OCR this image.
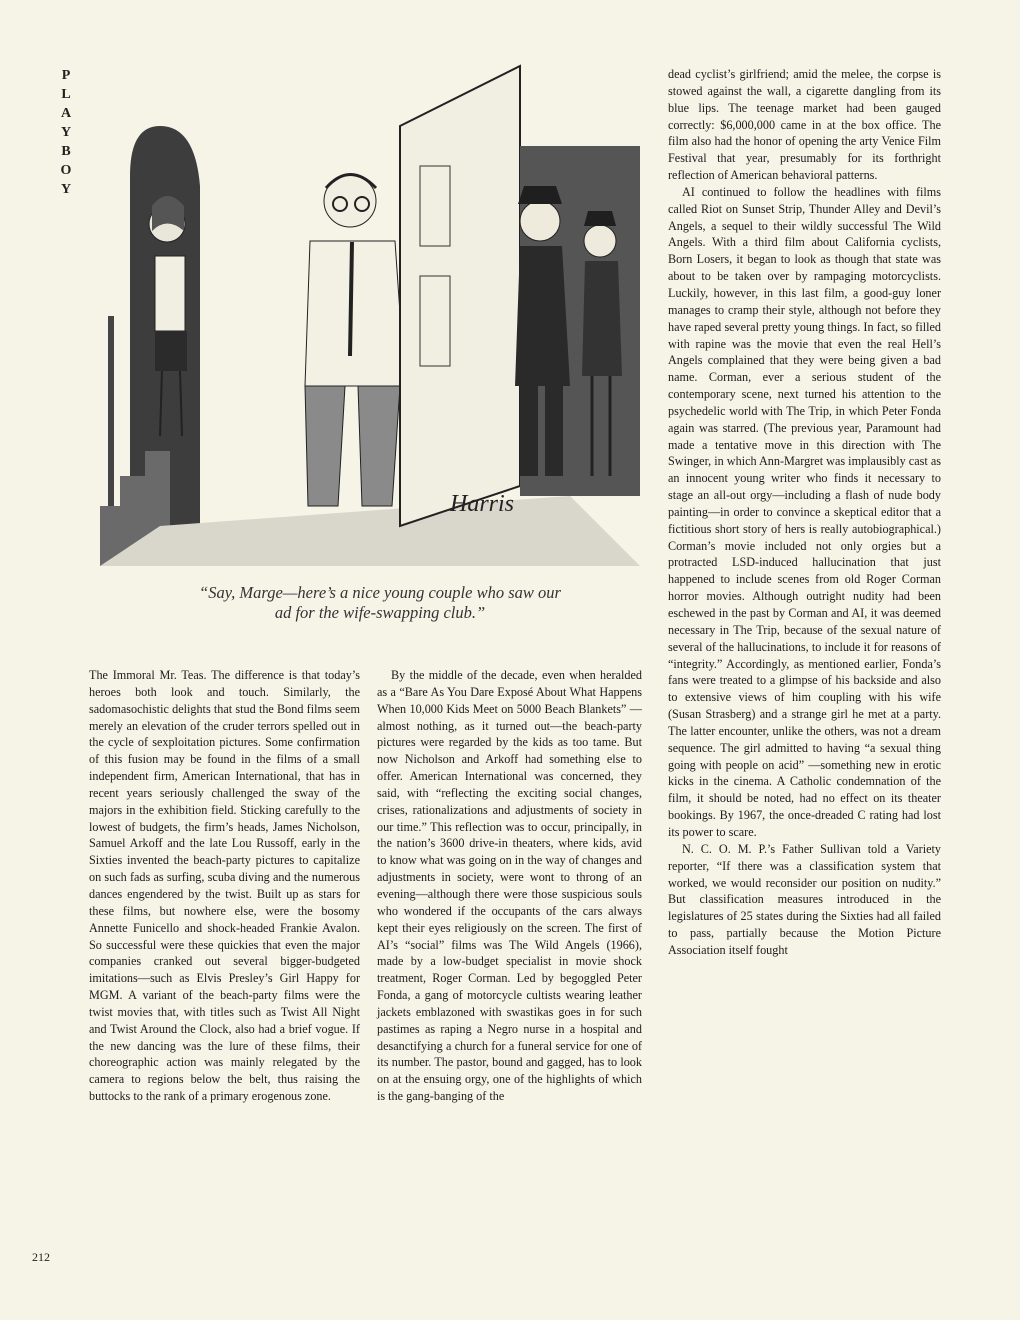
P
L
A
Y
B
O
Y
Harris

“Say, Marge—here’s a nice young couple who saw our

ad for the wife-swapping club.”

The Immoral Mr. Teas. The difference is that today’s heroes both look and touch. Similarly, the sadomasochistic delights that stud the Bond films seem merely an elevation of the cruder terrors spelled out in the cycle of sexploitation pictures. Some confirmation of this fusion may be found in the films of a small independent firm, American International, that has in recent years seriously challenged the sway of the majors in the exhibition field. Sticking carefully to the lowest of budgets, the firm’s heads, James Nicholson, Samuel Arkoff and the late Lou Russoff, early in the Sixties invented the beach-party pictures to capitalize on such fads as surfing, scuba diving and the numerous dances engendered by the twist. Built up as stars for these films, but nowhere else, were the bosomy Annette Funicello and shock-headed Frankie Avalon. So successful were these quickies that even the major companies cranked out several bigger-budgeted imitations—such as Elvis Presley’s Girl Happy for MGM. A variant of the beach-party films were the twist movies that, with titles such as Twist All Night and Twist Around the Clock, also had a brief vogue. If the new dancing was the lure of these films, their choreographic action was mainly relegated by the camera to regions below the belt, thus raising the buttocks to the rank of a primary erogenous zone.

By the middle of the decade, even when heralded as a “Bare As You Dare Exposé About What Happens When 10,000 Kids Meet on 5000 Beach Blankets” —almost nothing, as it turned out—the beach-party pictures were regarded by the kids as too tame. But now Nicholson and Arkoff had something else to offer. American International was concerned, they said, with “reflecting the exciting social changes, crises, rationalizations and adjustments of society in our time.” This reflection was to occur, principally, in the nation’s 3600 drive-in theaters, where kids, avid to know what was going on in the way of changes and adjustments in society, were wont to throng of an evening—although there were those suspicious souls who wondered if the occupants of the cars always kept their eyes religiously on the screen. The first of AI’s “social” films was The Wild Angels (1966), made by a low-budget specialist in movie shock treatment, Roger Corman. Led by begoggled Peter Fonda, a gang of motorcycle cultists wearing leather jackets emblazoned with swastikas goes in for such pastimes as raping a Negro nurse in a hospital and desanctifying a church for a funeral service for one of its number. The pastor, bound and gagged, has to look on at the ensuing orgy, one of the highlights of which is the gang-banging of the

dead cyclist’s girlfriend; amid the melee, the corpse is stowed against the wall, a cigarette dangling from its blue lips. The teenage market had been gauged correctly: $6,000,000 came in at the box office. The film also had the honor of opening the arty Venice Film Festival that year, presumably for its forthright reflection of American behavioral patterns.

AI continued to follow the headlines with films called Riot on Sunset Strip, Thunder Alley and Devil’s Angels, a sequel to their wildly successful The Wild Angels. With a third film about California cyclists, Born Losers, it began to look as though that state was about to be taken over by rampaging motorcyclists. Luckily, however, in this last film, a good-guy loner manages to cramp their style, although not before they have raped several pretty young things. In fact, so filled with rapine was the movie that even the real Hell’s Angels complained that they were being given a bad name. Corman, ever a serious student of the contemporary scene, next turned his attention to the psychedelic world with The Trip, in which Peter Fonda again was starred. (The previous year, Paramount had made a tentative move in this direction with The Swinger, in which Ann-Margret was implausibly cast as an innocent young writer who finds it necessary to stage an all-out orgy—including a flash of nude body painting—in order to convince a skeptical editor that a fictitious short story of hers is really autobiographical.) Corman’s movie included not only orgies but a protracted LSD-induced hallucination that just happened to include scenes from old Roger Corman horror movies. Although outright nudity had been eschewed in the past by Corman and AI, it was deemed necessary in The Trip, because of the sexual nature of several of the hallucinations, to include it for reasons of “integrity.” Accordingly, as mentioned earlier, Fonda’s fans were treated to a glimpse of his backside and also to extensive views of him coupling with his wife (Susan Strasberg) and a strange girl he met at a party. The latter encounter, unlike the others, was not a dream sequence. The girl admitted to having “a sexual thing going with people on acid” —something new in erotic kicks in the cinema. A Catholic condemnation of the film, it should be noted, had no effect on its theater bookings. By 1967, the once-dreaded C rating had lost its power to scare.

N. C. O. M. P.’s Father Sullivan told a Variety reporter, “If there was a classification system that worked, we would reconsider our position on nudity.” But classification measures introduced in the legislatures of 25 states during the Sixties had all failed to pass, partially because the Motion Picture Association itself fought

212
